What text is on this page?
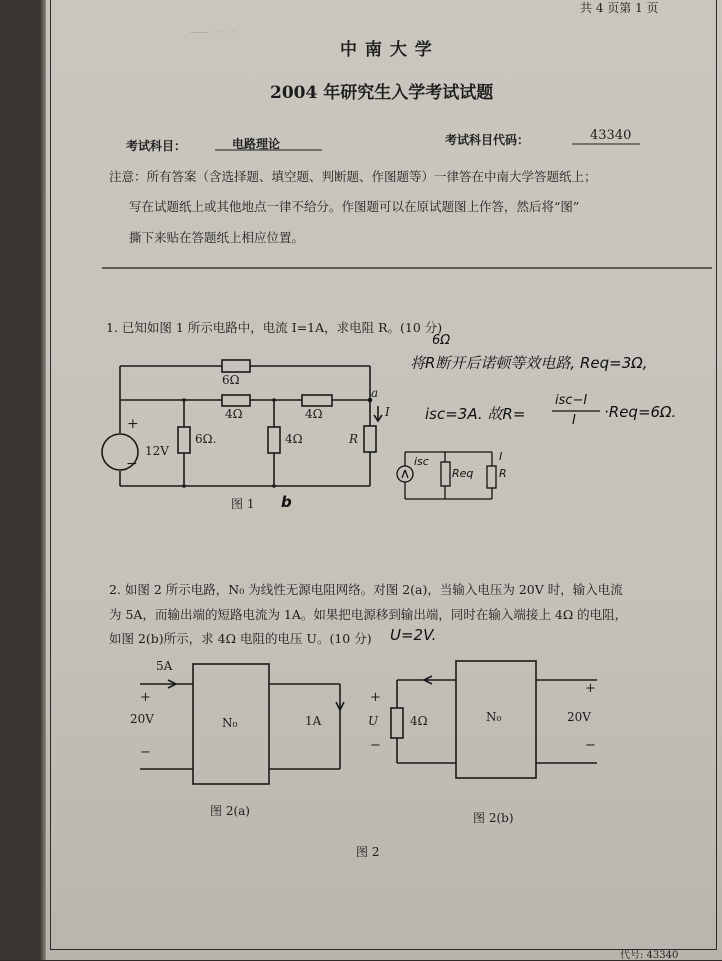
共 4 页第 1 页
—— · ·· · ··
中 南 大 学
2004 年研究生入学考试试题
考试科目：	电路理论	考试科目代码：	43340
注意：所有答案（含选择题、填空题、判断题、作图题等）一律答在中南大学答题纸上；
写在试题纸上或其他地点一律不给分。作图题可以在原试题图上作答，然后将“图”
撕下来贴在答题纸上相应位置。
1. 已知如图 1 所示电路中，电流 I=1A，求电阻 R。(10 分)
6Ω
4Ω	4Ω
12V
+
−
6Ω.	4Ω	R
a
I
b
图 1
6Ω
将R断开后诺顿等效电路, Req=3Ω,
isc=3A. 故R=
isc−I
I ·Req=6Ω.
isc
Req
I
R
2. 如图 2 所示电路，N₀ 为线性无源电阻网络。对图 2(a)，当输入电压为 20V 时，输入电流
为 5A，而输出端的短路电流为 1A。如果把电源移到输出端，同时在输入端接上 4Ω 的电阻，
如图 2(b)所示，求 4Ω 电阻的电压 U。(10 分) U=2V.
5A
+
20V
−
N₀	1A
图 2(a)
+
U
−
4Ω	N₀
+
20V
−
图 2(b)
图 2
代号: 43340
